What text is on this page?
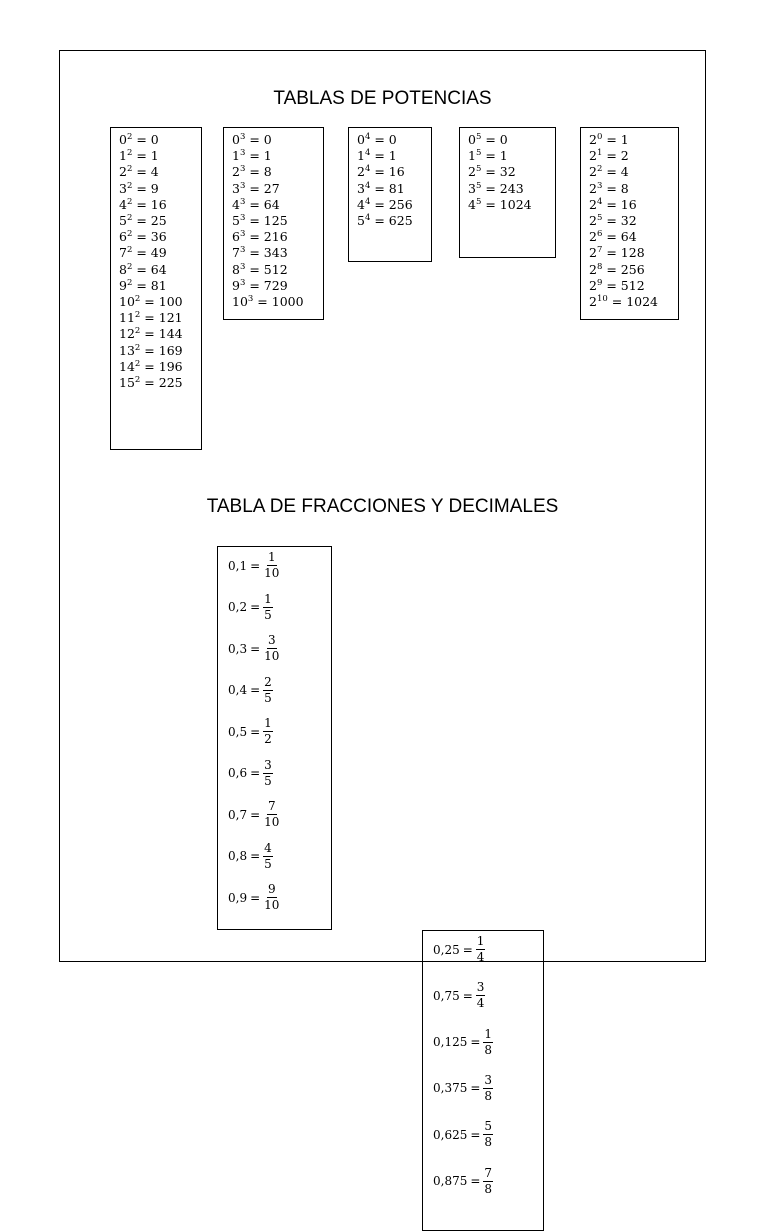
TABLAS DE POTENCIAS
$0^2 = 0$
$1^2 = 1$
$2^2 = 4$
$3^2 = 9$
$4^2 = 16$
$5^2 = 25$
$6^2 = 36$
$7^2 = 49$
$8^2 = 64$
$9^2 = 81$
$10^2 = 100$
$11^2 = 121$
$12^2 = 144$
$13^2 = 169$
$14^2 = 196$
$15^2 = 225$
$0^3 = 0$
$1^3 = 1$
$2^3 = 8$
$3^3 = 27$
$4^3 = 64$
$5^3 = 125$
$6^3 = 216$
$7^3 = 343$
$8^3 = 512$
$9^3 = 729$
$10^3 = 1000$
$0^4 = 0$
$1^4 = 1$
$2^4 = 16$
$3^4 = 81$
$4^4 = 256$
$5^4 = 625$
$0^5 = 0$
$1^5 = 1$
$2^5 = 32$
$3^5 = 243$
$4^5 = 1024$
$2^0 = 1$
$2^1 = 2$
$2^2 = 4$
$2^3 = 8$
$2^4 = 16$
$2^5 = 32$
$2^6 = 64$
$2^7 = 128$
$2^8 = 256$
$2^9 = 512$
$2^{10} = 1024$
TABLA DE FRACCIONES Y DECIMALES
$0,1 = \frac{1}{10}$
$0,2 = \frac{1}{5}$
$0,3 = \frac{3}{10}$
$0,4 = \frac{2}{5}$
$0,5 = \frac{1}{2}$
$0,6 = \frac{3}{5}$
$0,7 = \frac{7}{10}$
$0,8 = \frac{4}{5}$
$0,9 = \frac{9}{10}$
$0,25 = \frac{1}{4}$
$0,75 = \frac{3}{4}$
$0,125 = \frac{1}{8}$
$0,375 = \frac{3}{8}$
$0,625 = \frac{5}{8}$
$0,875 = \frac{7}{8}$
